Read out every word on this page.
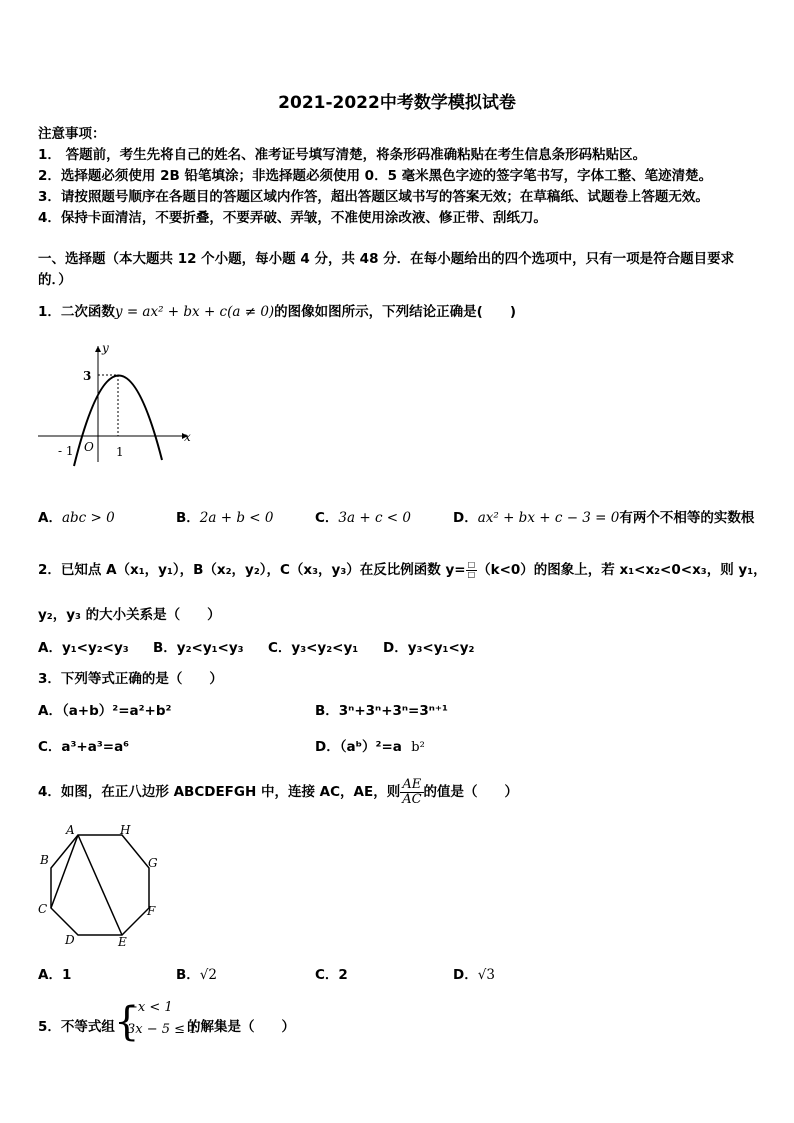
2021-2022中考数学模拟试卷
注意事项：
1． 答题前，考生先将自己的姓名、准考证号填写清楚，将条形码准确粘贴在考生信息条形码粘贴区。
2．选择题必须使用 2B 铅笔填涂；非选择题必须使用 0．5 毫米黑色字迹的签字笔书写，字体工整、笔迹清楚。
3．请按照题号顺序在各题目的答题区域内作答，超出答题区域书写的答案无效；在草稿纸、试题卷上答题无效。
4．保持卡面清洁，不要折叠，不要弄破、弄皱，不准使用涂改液、修正带、刮纸刀。
一、选择题（本大题共 12 个小题，每小题 4 分，共 48 分．在每小题给出的四个选项中，只有一项是符合题目要求
的．）
1．二次函数y = ax² + bx + c(a ≠ 0)的图像如图所示，下列结论正确是(　　)
y
x
3
- 1 O 1
A．abc > 0	B．2a + b < 0	C．3a + c < 0	D．ax² + bx + c − 3 = 0有两个不相等的实数根
2．已知点 A（x₁，y₁），B（x₂，y₂），C（x₃，y₃）在反比例函数 $y= \frac{□}{□} (k<0)$的图象上，若 x₁<x₂<0<x₃，则 y₁，
y₂，y₃ 的大小关系是（　　）
A．y₁<y₂<y₃ B．y₂<y₁<y₃ C．y₃<y₂<y₁ D．y₃<y₁<y₂
3．下列等式正确的是（　　）
A．（a+b）²=a²+b²	B．3ⁿ+3ⁿ+3ⁿ=3ⁿ⁺¹
C．a³+a³=a⁶	D．（aᵇ）²=a b²
4．如图，在正八边形 ABCDEFGH 中，连接 AC，AE，则 $\frac{AE}{AC}$ 的值是（　　）
A	H
B	G
C	F
D	E
A．1	B．√2	C．2	D．√3
5．不等式组 {
−x < 1
3x − 5 ≤ 1
的解集是（　　）
